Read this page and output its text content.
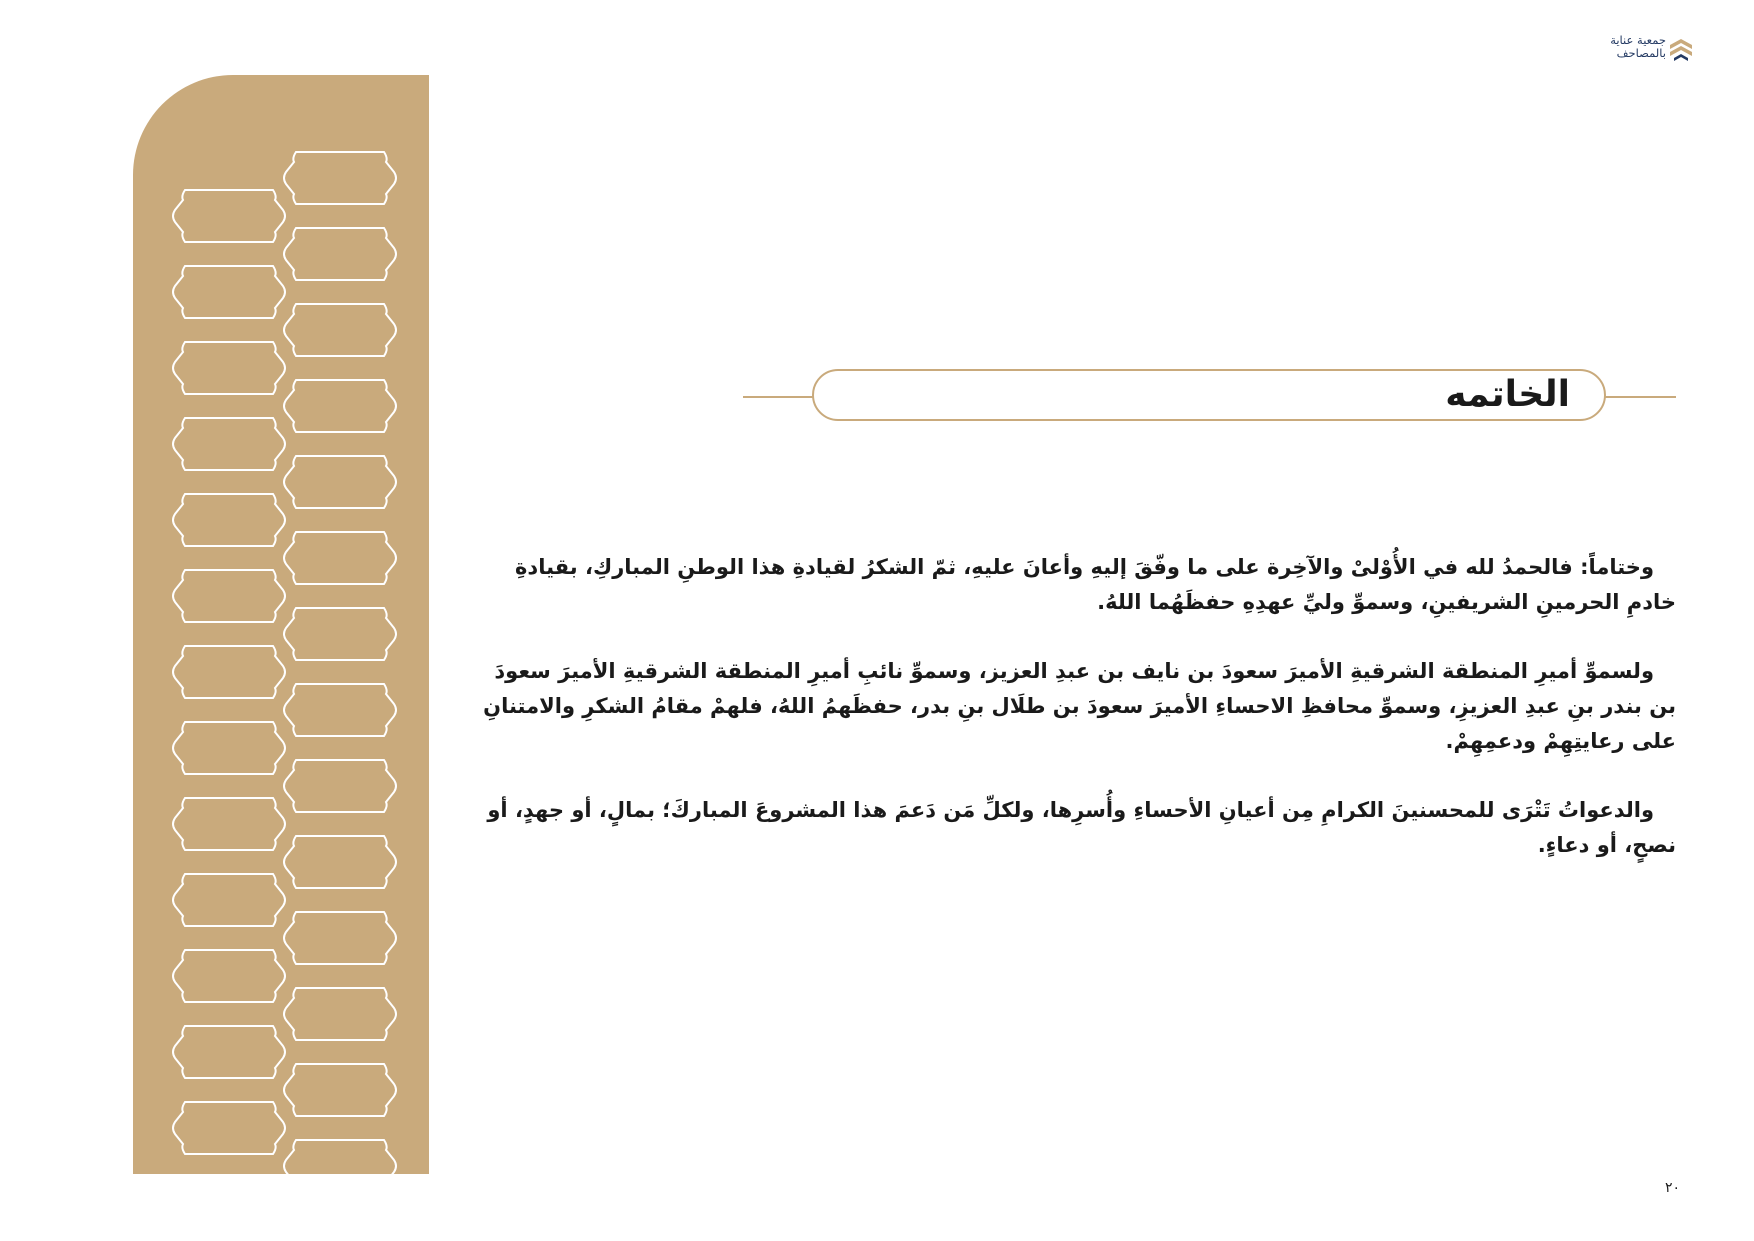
جمعية عناية
بالمصاحف
الخاتمه

وختاماً: فالحمدُ لله في الأُوْلىْ والآخِرة على ما وفّقَ إليهِ وأعانَ عليهِ، ثمّ الشكرُ لقيادةِ هذا الوطنِ المباركِ، بقيادةِ خادمِ الحرمينِ الشريفينِ، وسموِّ وليِّ عهدِهِ حفظَهُما اللهُ.

ولسموِّ أميرِ المنطقة الشرقيةِ الأميرَ سعودَ بن نايف بن عبدِ العزيز، وسموِّ نائبِ أميرِ المنطقة الشرقيةِ الأميرَ سعودَ بن بندر بنِ عبدِ العزيزِ، وسموِّ محافظِ الاحساءِ الأميرَ سعودَ بن طلَال بنِ بدر، حفظَهمُ اللهُ، فلهمْ مقامُ الشكرِ والامتنانِ على رعايتِهِمْ ودعمِهِمْ.

والدعواتُ تَتْرَى للمحسنينَ الكرامِ مِن أعيانِ الأحساءِ وأُسرِها، ولكلِّ مَن دَعمَ هذا المشروعَ المباركَ؛ بمالٍ، أو جهدٍ، أو نصحٍ، أو دعاءٍ.

٢٠
